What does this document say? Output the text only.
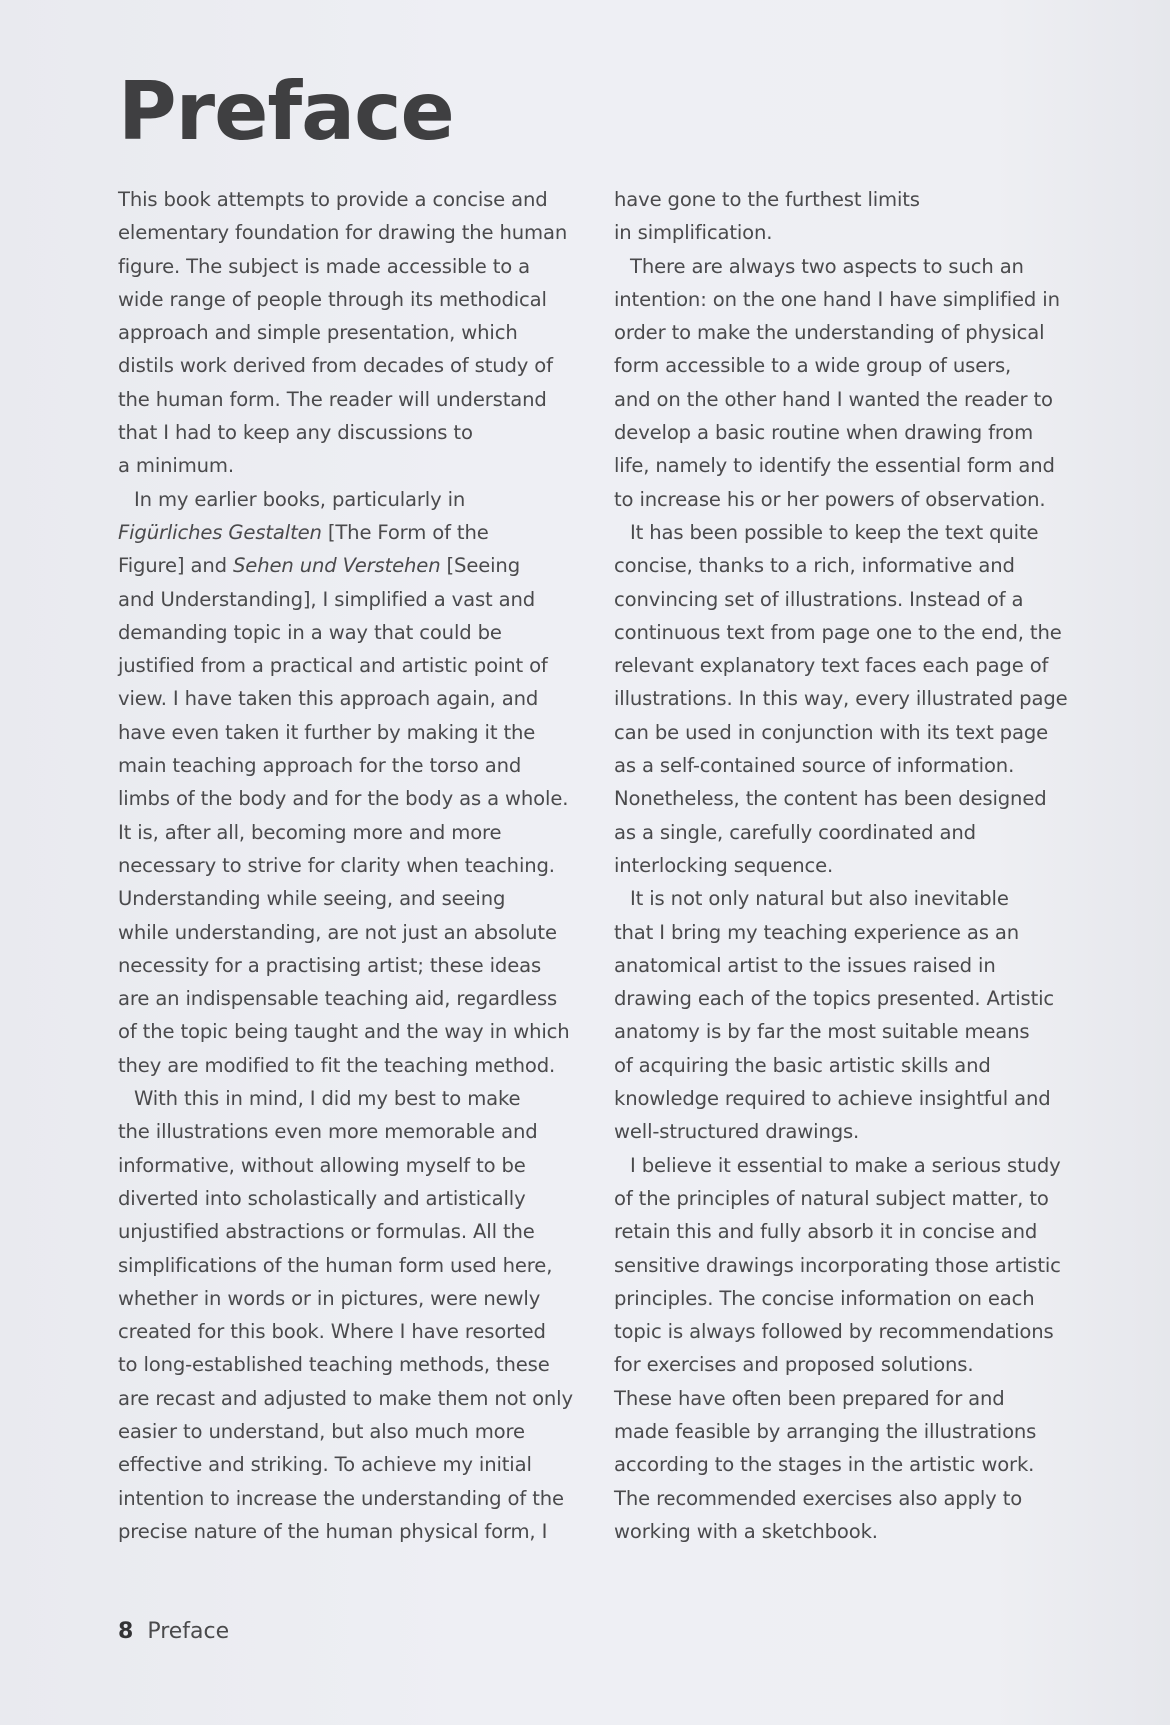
Preface
This book attempts to provide a concise and
elementary foundation for drawing the human
figure. The subject is made accessible to a
wide range of people through its methodical
approach and simple presentation, which
distils work derived from decades of study of
the human form. The reader will understand
that I had to keep any discussions to
a minimum.
In my earlier books, particularly in
Figürliches Gestalten [The Form of the
Figure] and Sehen und Verstehen [Seeing
and Understanding], I simplified a vast and
demanding topic in a way that could be
justified from a practical and artistic point of
view. I have taken this approach again, and
have even taken it further by making it the
main teaching approach for the torso and
limbs of the body and for the body as a whole.
It is, after all, becoming more and more
necessary to strive for clarity when teaching.
Understanding while seeing, and seeing
while understanding, are not just an absolute
necessity for a practising artist; these ideas
are an indispensable teaching aid, regardless
of the topic being taught and the way in which
they are modified to fit the teaching method.
With this in mind, I did my best to make
the illustrations even more memorable and
informative, without allowing myself to be
diverted into scholastically and artistically
unjustified abstractions or formulas. All the
simplifications of the human form used here,
whether in words or in pictures, were newly
created for this book. Where I have resorted
to long-established teaching methods, these
are recast and adjusted to make them not only
easier to understand, but also much more
effective and striking. To achieve my initial
intention to increase the understanding of the
precise nature of the human physical form, I
have gone to the furthest limits
in simplification.
There are always two aspects to such an
intention: on the one hand I have simplified in
order to make the understanding of physical
form accessible to a wide group of users,
and on the other hand I wanted the reader to
develop a basic routine when drawing from
life, namely to identify the essential form and
to increase his or her powers of observation.
It has been possible to keep the text quite
concise, thanks to a rich, informative and
convincing set of illustrations. Instead of a
continuous text from page one to the end, the
relevant explanatory text faces each page of
illustrations. In this way, every illustrated page
can be used in conjunction with its text page
as a self-contained source of information.
Nonetheless, the content has been designed
as a single, carefully coordinated and
interlocking sequence.
It is not only natural but also inevitable
that I bring my teaching experience as an
anatomical artist to the issues raised in
drawing each of the topics presented. Artistic
anatomy is by far the most suitable means
of acquiring the basic artistic skills and
knowledge required to achieve insightful and
well-structured drawings.
I believe it essential to make a serious study
of the principles of natural subject matter, to
retain this and fully absorb it in concise and
sensitive drawings incorporating those artistic
principles. The concise information on each
topic is always followed by recommendations
for exercises and proposed solutions.
These have often been prepared for and
made feasible by arranging the illustrations
according to the stages in the artistic work.
The recommended exercises also apply to
working with a sketchbook.
8 Preface
